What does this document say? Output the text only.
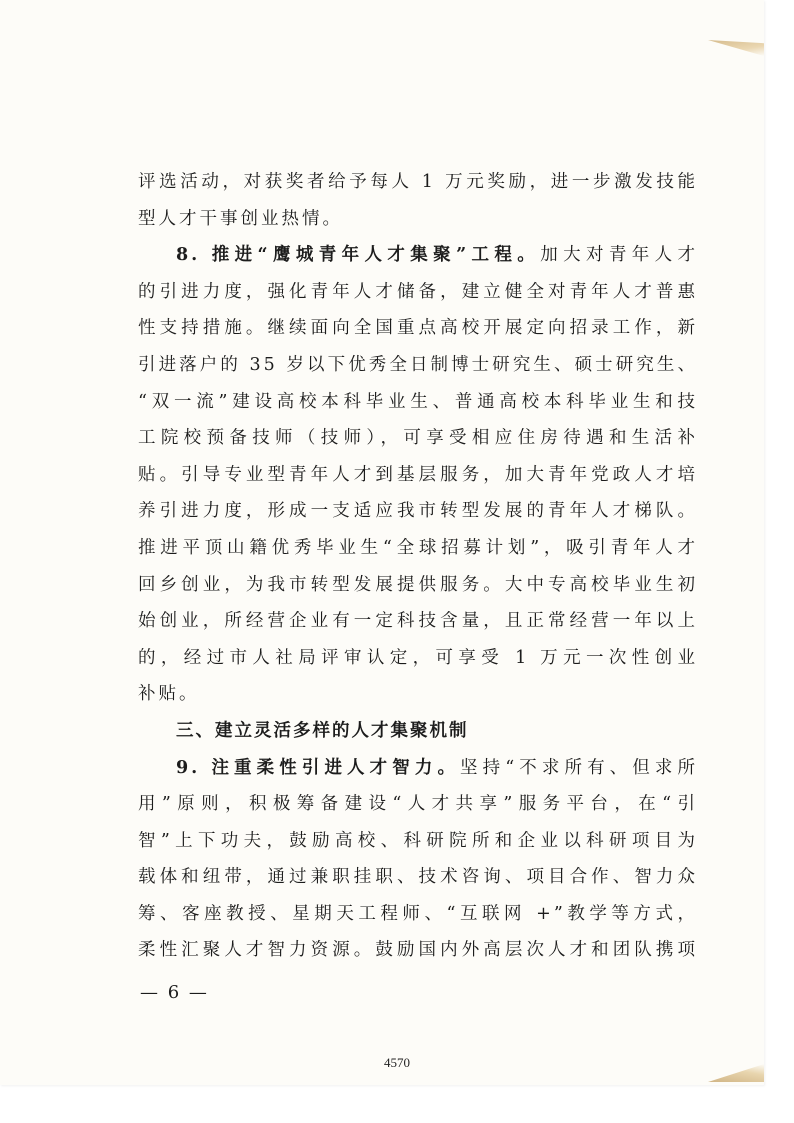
评选活动，对获奖者给予每人 1 万元奖励，进一步激发技能
型人才干事创业热情。
8. 推进“鹰城青年人才集聚”工程。加大对青年人才
的引进力度，强化青年人才储备，建立健全对青年人才普惠
性支持措施。继续面向全国重点高校开展定向招录工作，新
引进落户的 35 岁以下优秀全日制博士研究生、硕士研究生、
“双一流”建设高校本科毕业生、普通高校本科毕业生和技
工院校预备技师（技师），可享受相应住房待遇和生活补
贴。引导专业型青年人才到基层服务，加大青年党政人才培
养引进力度，形成一支适应我市转型发展的青年人才梯队。
推进平顶山籍优秀毕业生“全球招募计划”，吸引青年人才
回乡创业，为我市转型发展提供服务。大中专高校毕业生初
始创业，所经营企业有一定科技含量，且正常经营一年以上
的，经过市人社局评审认定，可享受 1 万元一次性创业
补贴。
三、建立灵活多样的人才集聚机制
9. 注重柔性引进人才智力。坚持“不求所有、但求所
用”原则，积极筹备建设“人才共享”服务平台，在“引
智”上下功夫，鼓励高校、科研院所和企业以科研项目为
载体和纽带，通过兼职挂职、技术咨询、项目合作、智力众
筹、客座教授、星期天工程师、“互联网 +”教学等方式，
柔性汇聚人才智力资源。鼓励国内外高层次人才和团队携项
— 6 —
4570
